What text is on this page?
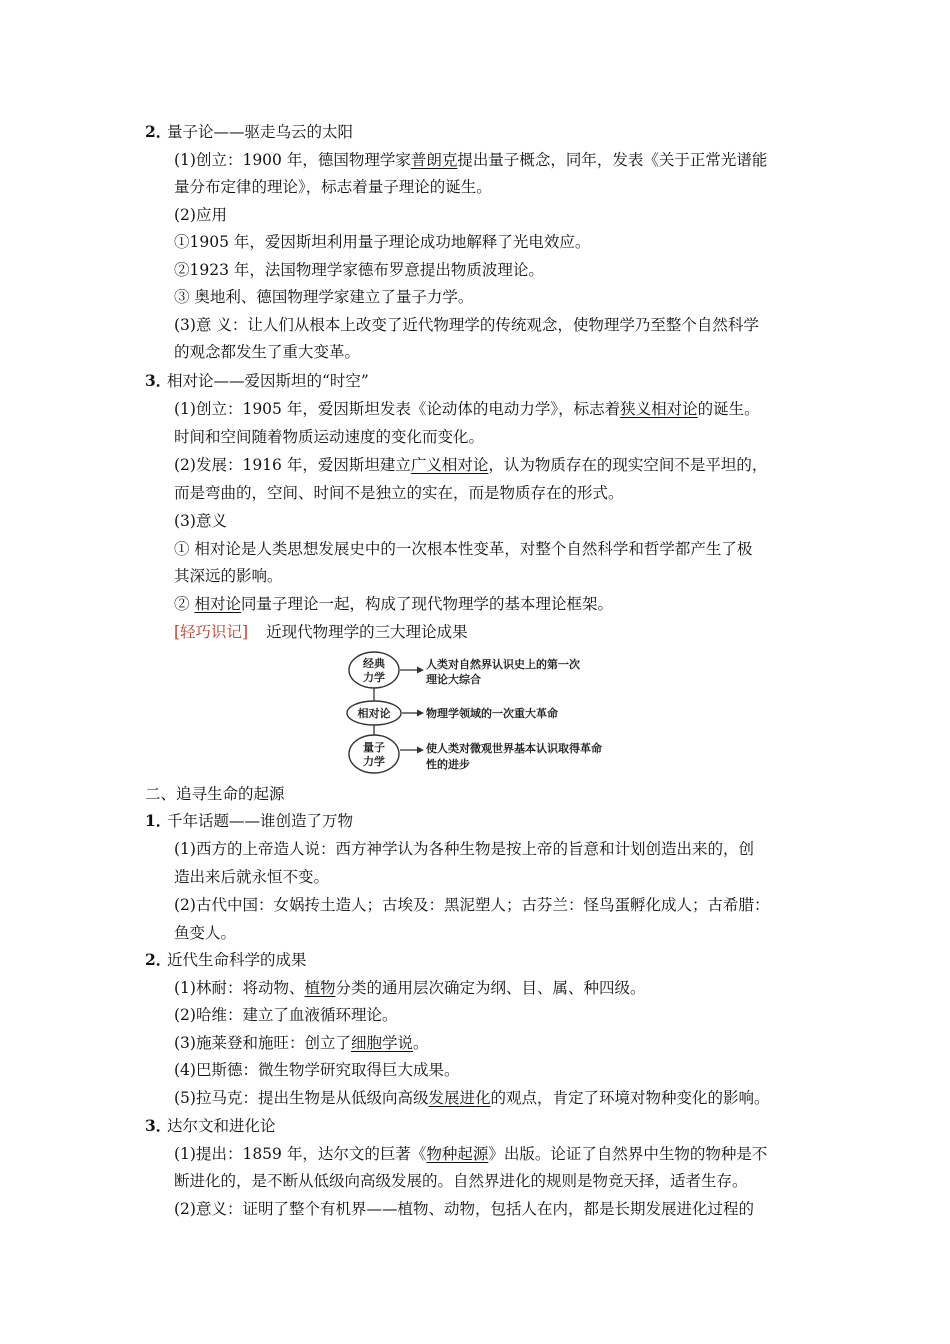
2．量子论——驱走乌云的太阳
(1)创立：1900 年，德国物理学家普朗克提出量子概念，同年，发表《关于正常光谱能
量分布定律的理论》，标志着量子理论的诞生。
(2)应用
①1905 年，爱因斯坦利用量子理论成功地解释了光电效应。
②1923 年，法国物理学家德布罗意提出物质波理论。
③ 奥地利、德国物理学家建立了量子力学。
(3)意 义：让人们从根本上改变了近代物理学的传统观念，使物理学乃至整个自然科学
的观念都发生了重大变革。
3．相对论——爱因斯坦的“时空”
(1)创立：1905 年，爱因斯坦发表《论动体的电动力学》，标志着狭义相对论的诞生。
时间和空间随着物质运动速度的变化而变化。
(2)发展：1916 年，爱因斯坦建立广义相对论，认为物质存在的现实空间不是平坦的，
而是弯曲的，空间、时间不是独立的实在，而是物质存在的形式。
(3)意义
① 相对论是人类思想发展史中的一次根本性变革，对整个自然科学和哲学都产生了极
其深远的影响。
② 相对论同量子理论一起，构成了现代物理学的基本理论框架。
[轻巧识记] 近现代物理学的三大理论成果
经典
力学
人类对自然界认识史上的第一次
理论大综合
相对论	物理学领域的一次重大革命
量子
力学
使人类对微观世界基本认识取得革命
性的进步
二、追寻生命的起源
1．千年话题——谁创造了万物
(1)西方的上帝造人说：西方神学认为各种生物是按上帝的旨意和计划创造出来的，创
造出来后就永恒不变。
(2)古代中国：女娲抟土造人；古埃及：黑泥塑人；古芬兰：怪鸟蛋孵化成人；古希腊：
鱼变人。
2．近代生命科学的成果
(1)林耐：将动物、植物分类的通用层次确定为纲、目、属、种四级。
(2)哈维：建立了血液循环理论。
(3)施莱登和施旺：创立了细胞学说。
(4)巴斯德：微生物学研究取得巨大成果。
(5)拉马克：提出生物是从低级向高级发展进化的观点，肯定了环境对物种变化的影响。
3．达尔文和进化论
(1)提出：1859 年，达尔文的巨著《物种起源》出版。论证了自然界中生物的物种是不
断进化的，是不断从低级向高级发展的。自然界进化的规则是物竞天择，适者生存。
(2)意义：证明了整个有机界——植物、动物，包括人在内，都是长期发展进化过程的
